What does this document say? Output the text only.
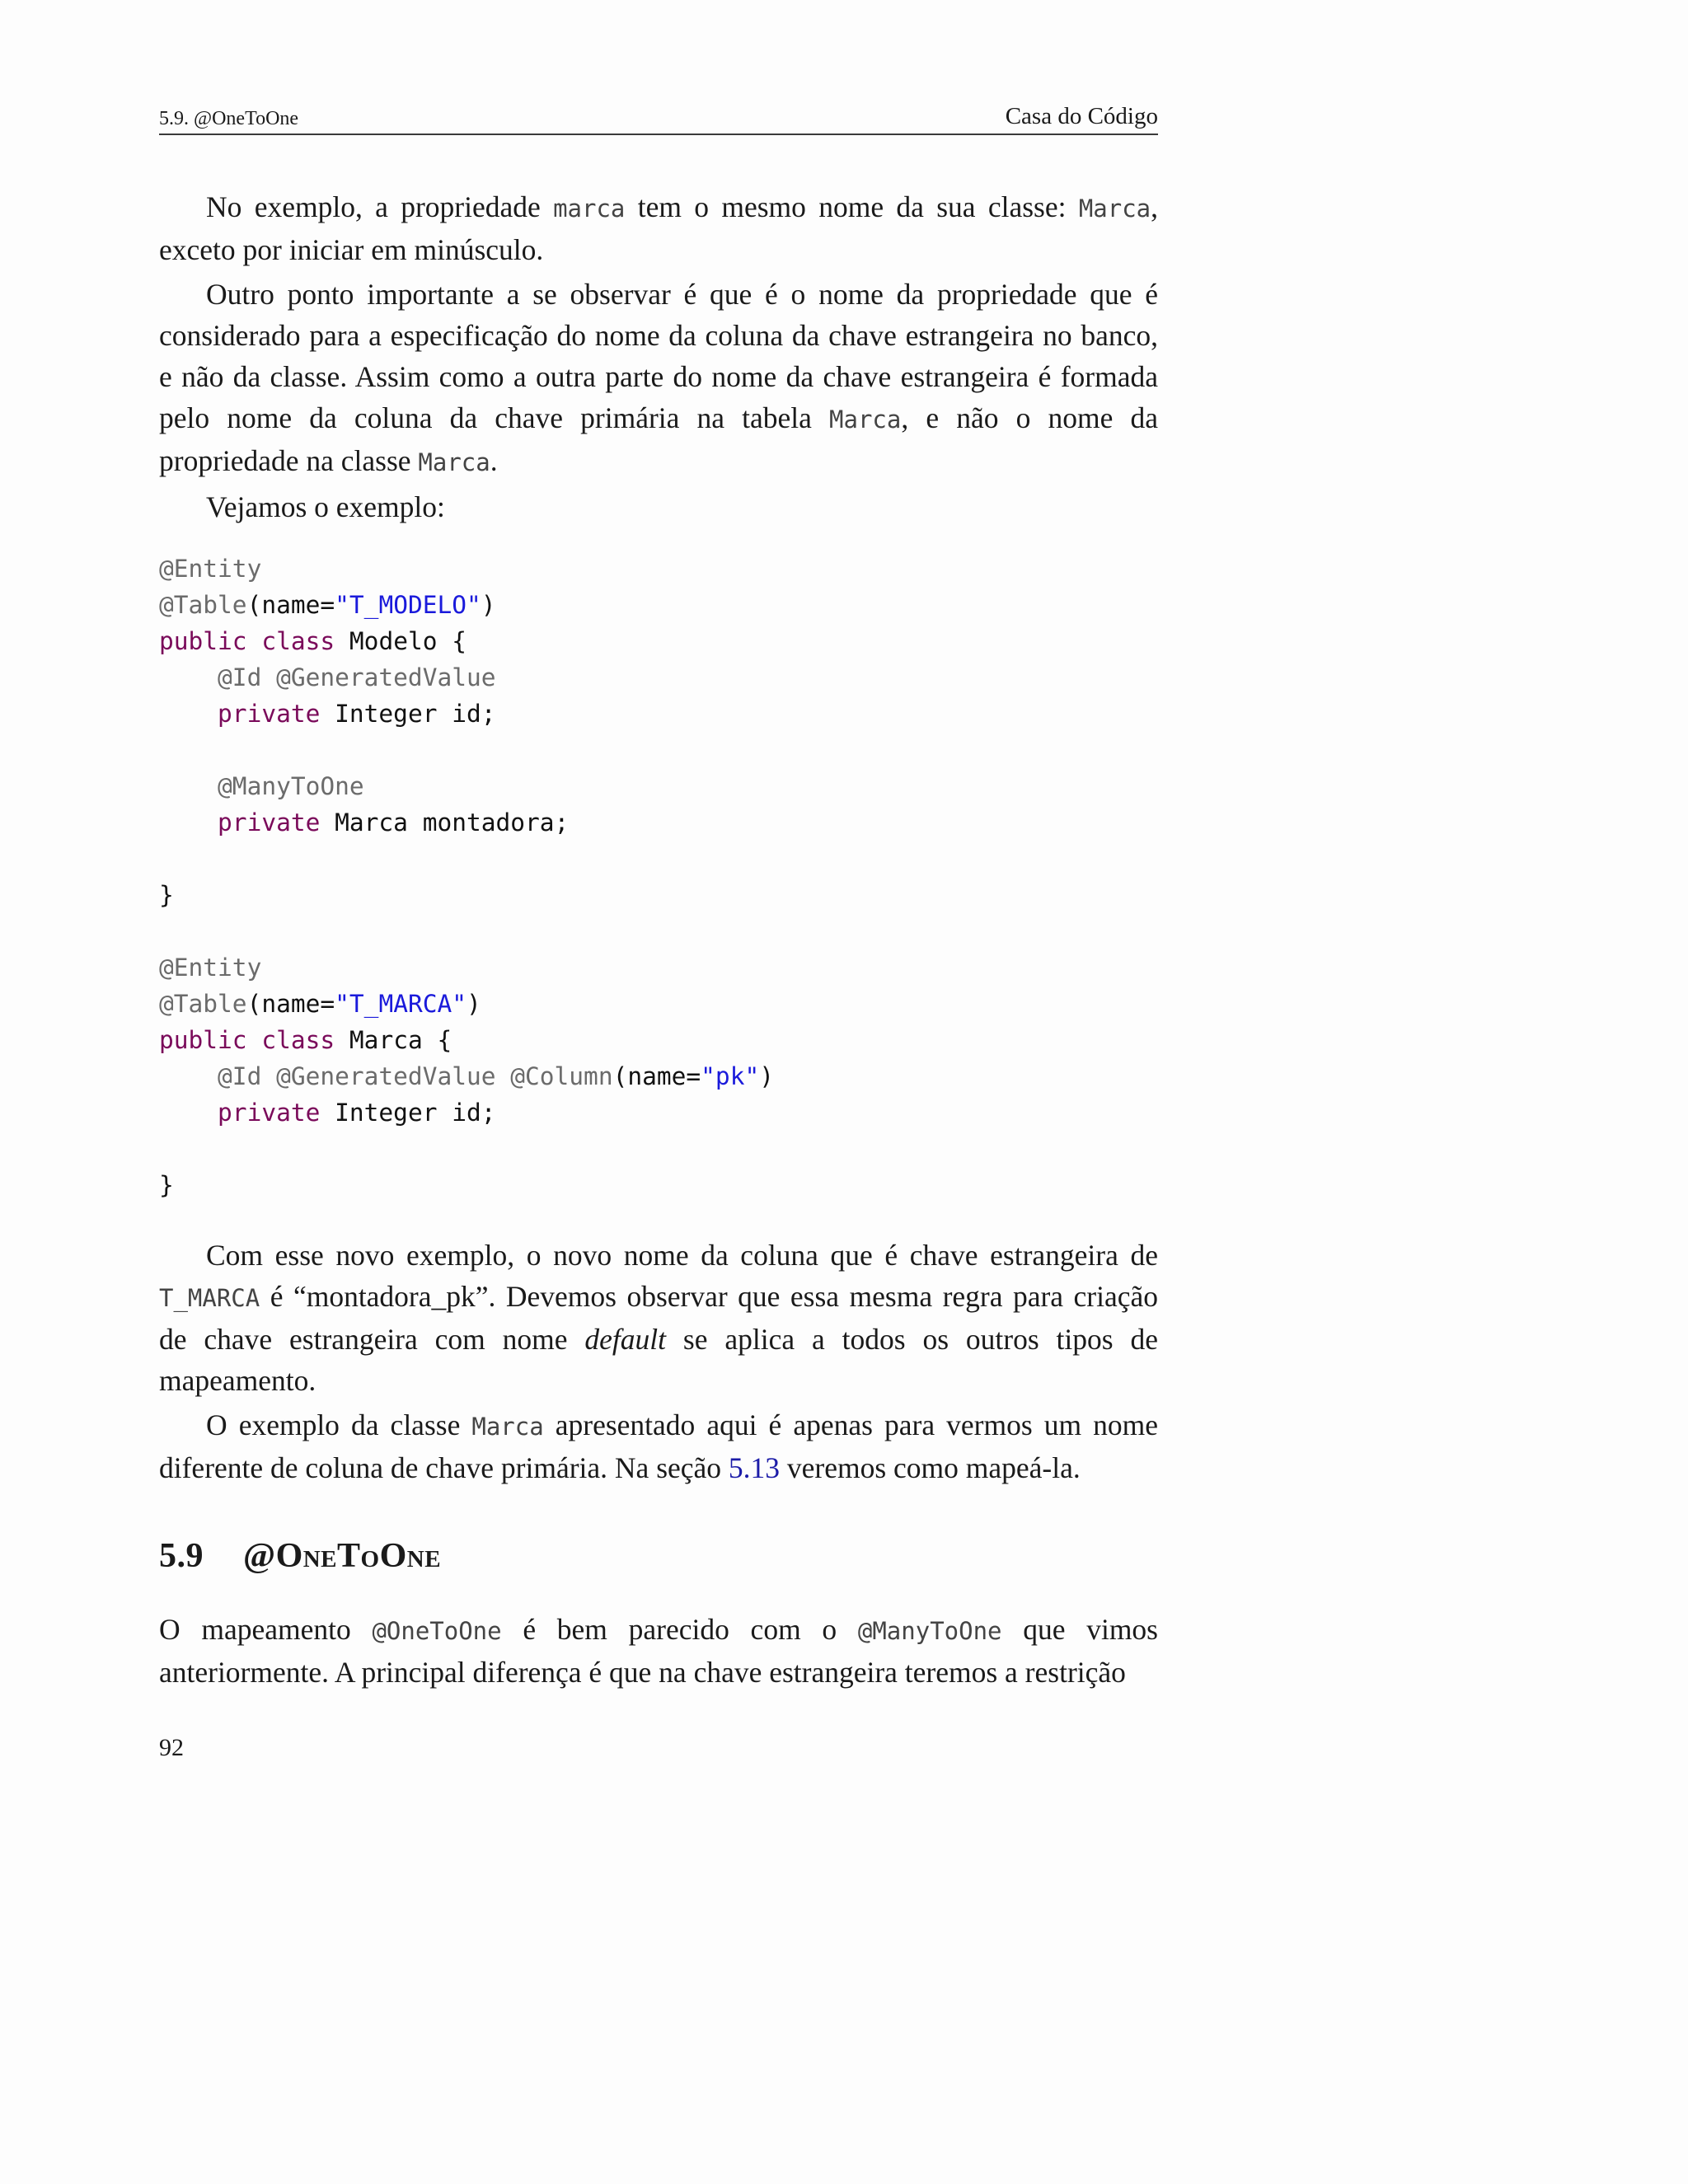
5.9. @OneToOne	Casa do Código

No exemplo, a propriedade marca tem o mesmo nome da sua classe: Marca, exceto por iniciar em minúsculo.

Outro ponto importante a se observar é que é o nome da propriedade que é considerado para a especificação do nome da coluna da chave estrangeira no banco, e não da classe. Assim como a outra parte do nome da chave estrangeira é formada pelo nome da coluna da chave primária na tabela Marca, e não o nome da propriedade na classe Marca.

Vejamos o exemplo:

@Entity
@Table(name="T_MODELO")
public class Modelo {
@Id @GeneratedValue
private Integer id;

@ManyToOne
private Marca montadora;

}
@Entity
@Table(name="T_MARCA")
public class Marca {
@Id @GeneratedValue @Column(name="pk")
private Integer id;

}

Com esse novo exemplo, o novo nome da coluna que é chave estrangeira de T_MARCA é “montadora_pk”. Devemos observar que essa mesma regra para criação de chave estrangeira com nome default se aplica a todos os outros tipos de mapeamento.

O exemplo da classe Marca apresentado aqui é apenas para vermos um nome diferente de coluna de chave primária. Na seção 5.13 veremos como mapeá-la.

5.9 @OneToOne

O mapeamento @OneToOne é bem parecido com o @ManyToOne que vimos anteriormente. A principal diferença é que na chave estrangeira teremos a restrição

92
